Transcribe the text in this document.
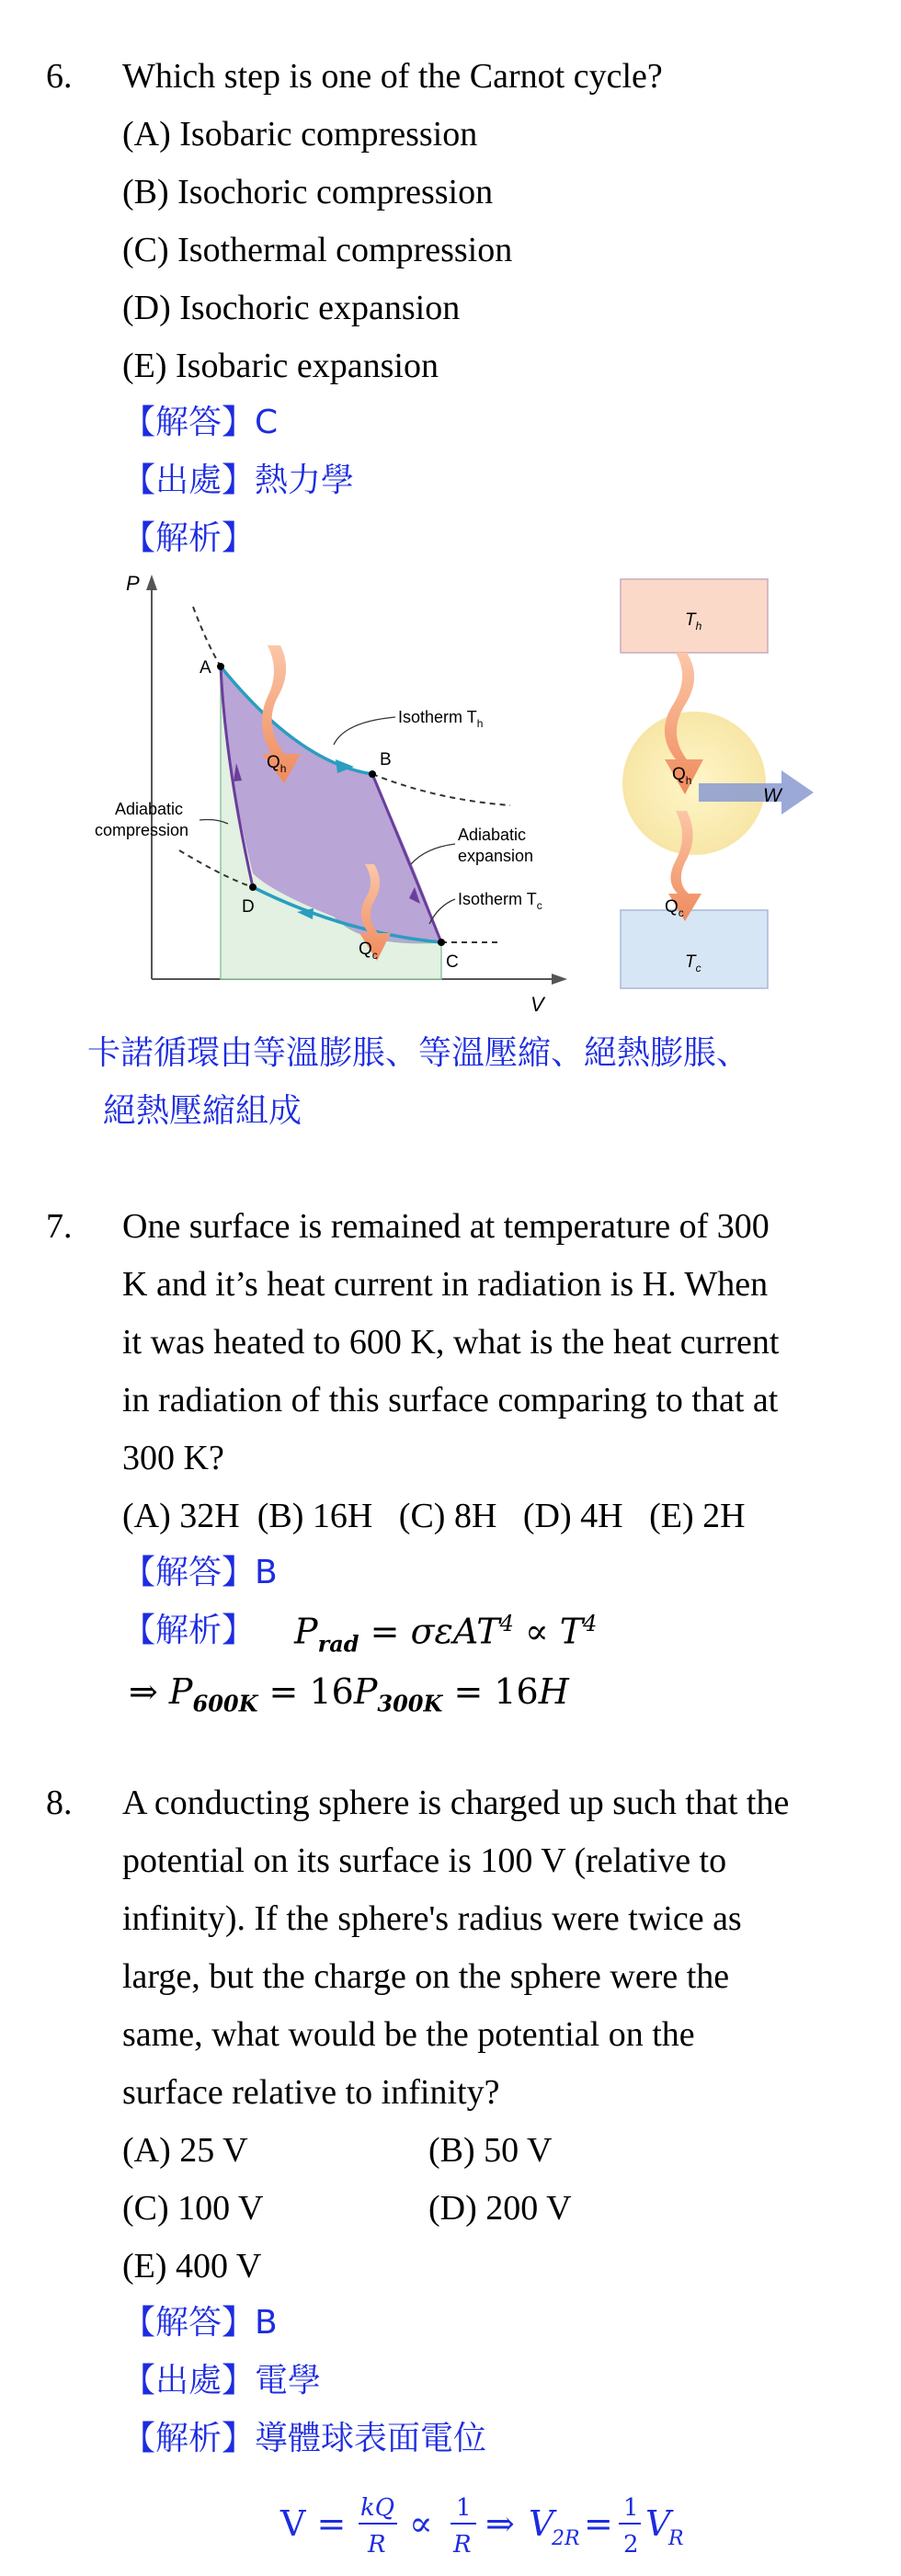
6. Which step is one of the Carnot cycle?
(A) Isobaric compression
(B) Isochoric compression
(C) Isothermal compression
(D) Isochoric expansion
(E) Isobaric expansion
【解答】C
【出處】熱力學
【解析】
P
V
A
B
C
D
$Q_h$
$Q_c$
Isotherm $T_h$
Adiabatic
expansion
Isotherm $T_c$
Adiabatic
compression
$T_h$
$Q_h$
W
$Q_c$
$T_c$
卡諾循環由等溫膨脹、等溫壓縮、絕熱膨脹、
絕熱壓縮組成
7. One surface is remained at temperature of 300
K and it’s heat current in radiation is H. When
it was heated to 600 K, what is the heat current
in radiation of this surface comparing to that at
300 K?
(A) 32H  (B) 16H   (C) 8H   (D) 4H   (E) 2H
【解答】B
【解析】 $P_{rad} = \sigma\varepsilon AT^4 \propto T^4$
⇒ $P_{600K} = 16P_{300K} = 16H$
8. A conducting sphere is charged up such that the
potential on its surface is 100 V (relative to
infinity). If the sphere's radius were twice as
large, but the charge on the sphere were the
same, what would be the potential on the
surface relative to infinity?
(A) 25 V	(B) 50 V
(C) 100 V	(D) 200 V
(E) 400 V
【解答】B
【出處】電學
【解析】導體球表面電位
V = kQ
R
∝ 1
R
⇒ V
2R = 1
2
V
R
